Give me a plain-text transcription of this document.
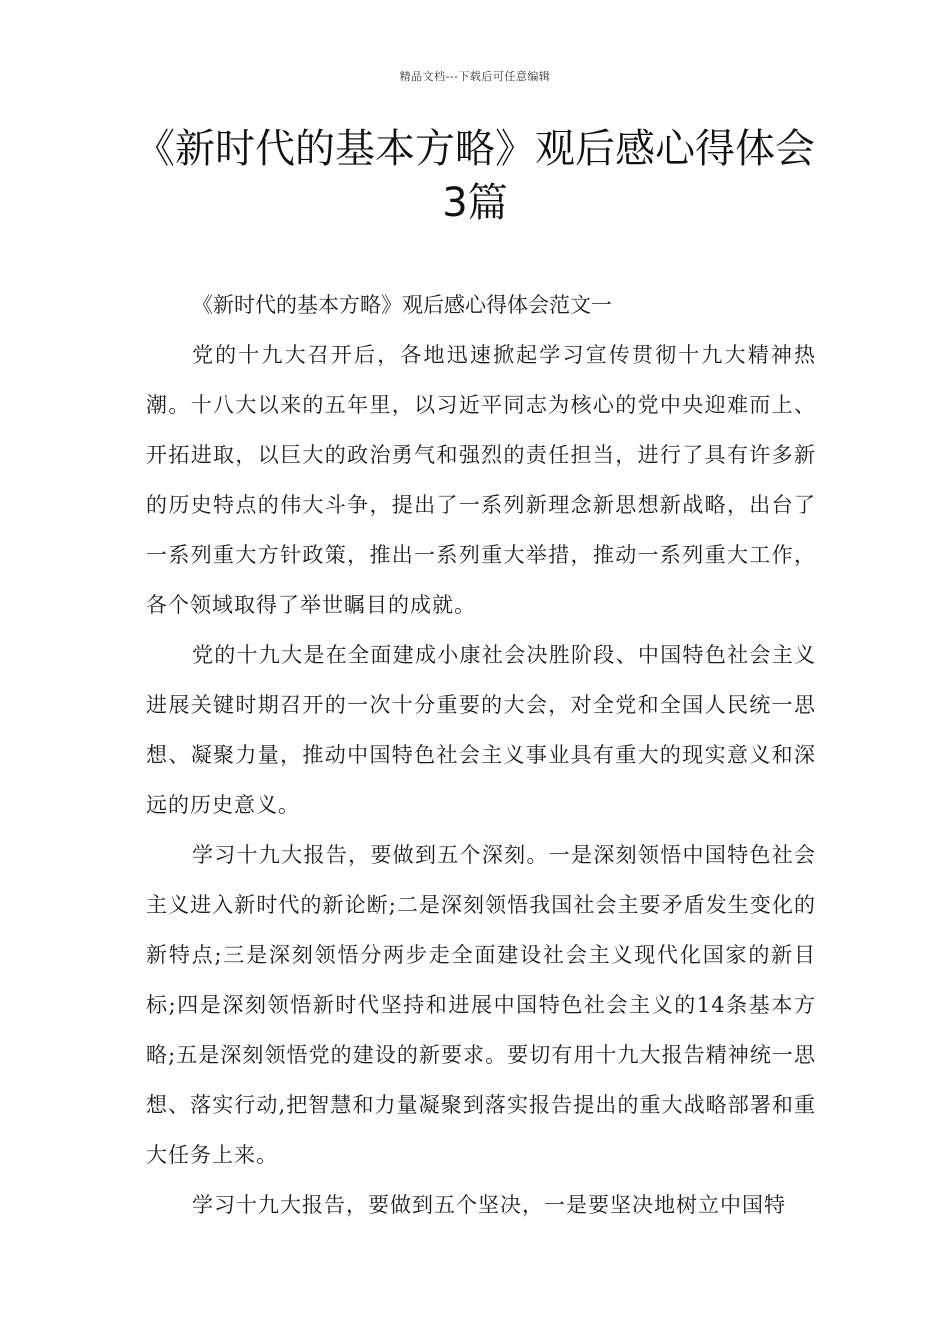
精品文档---下载后可任意编辑
《新时代的基本方略》观后感心得体会
3篇

《新时代的基本方略》观后感心得体会范文一

党的十九大召开后，各地迅速掀起学习宣传贯彻十九大精神热潮。十八大以来的五年里，以习近平同志为核心的党中央迎难而上、开拓进取，以巨大的政治勇气和强烈的责任担当，进行了具有许多新的历史特点的伟大斗争，提出了一系列新理念新思想新战略，出台了一系列重大方针政策，推出一系列重大举措，推动一系列重大工作，各个领域取得了举世瞩目的成就。

党的十九大是在全面建成小康社会决胜阶段、中国特色社会主义进展关键时期召开的一次十分重要的大会，对全党和全国人民统一思想、凝聚力量，推动中国特色社会主义事业具有重大的现实意义和深远的历史意义。

学习十九大报告，要做到五个深刻。一是深刻领悟中国特色社会主义进入新时代的新论断;二是深刻领悟我国社会主要矛盾发生变化的新特点;三是深刻领悟分两步走全面建设社会主义现代化国家的新目标;四是深刻领悟新时代坚持和进展中国特色社会主义的14条基本方略;五是深刻领悟党的建设的新要求。要切有用十九大报告精神统一思想、落实行动,把智慧和力量凝聚到落实报告提出的重大战略部署和重大任务上来。

学习十九大报告，要做到五个坚决，一是要坚决地树立中国特
